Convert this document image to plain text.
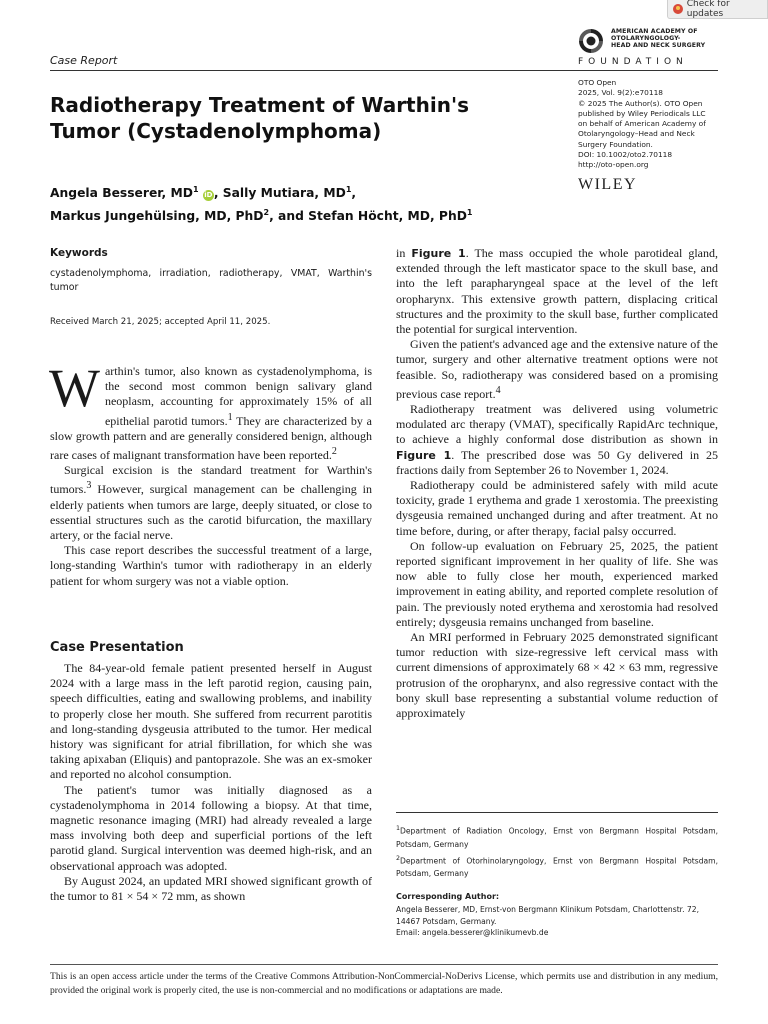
Check for updates
Case Report
AMERICAN ACADEMY OF
OTOLARYNGOLOGY-
HEAD AND NECK SURGERY
FOUNDATION
OTO Open
2025, Vol. 9(2):e70118
© 2025 The Author(s). OTO Open
published by Wiley Periodicals LLC
on behalf of American Academy of
Otolaryngology–Head and Neck
Surgery Foundation.
DOI: 10.1002/oto2.70118
http://oto-open.org
WILEY
Radiotherapy Treatment of Warthin's Tumor (Cystadenolymphoma)
Angela Besserer, $MD^1$ iD, Sally Mutiara, $MD^1$,
Markus Jungehülsing, MD, PhD$^2$, and Stefan Höcht, MD, PhD$^1$
Keywords
cystadenolymphoma, irradiation, radiotherapy, VMAT, Warthin's tumor
Received March 21, 2025; accepted April 11, 2025.

Warthin's tumor, also known as cystadenolymphoma, is the second most common benign salivary gland neoplasm, accounting for approximately 15% of all epithelial parotid tumors.$^1$ They are characterized by a slow growth pattern and are generally considered benign, although rare cases of malignant transformation have been reported.$^2$

Surgical excision is the standard treatment for Warthin's tumors.$^3$ However, surgical management can be challenging in elderly patients when tumors are large, deeply situated, or close to essential structures such as the carotid bifurcation, the maxillary artery, or the facial nerve.

This case report describes the successful treatment of a large, long-standing Warthin's tumor with radiotherapy in an elderly patient for whom surgery was not a viable option.

Case Presentation

The 84-year-old female patient presented herself in August 2024 with a large mass in the left parotid region, causing pain, speech difficulties, eating and swallowing problems, and inability to properly close her mouth. She suffered from recurrent parotitis and long-standing dysgeusia attributed to the tumor. Her medical history was significant for atrial fibrillation, for which she was taking apixaban (Eliquis) and pantoprazole. She was an ex-smoker and reported no alcohol consumption.

The patient's tumor was initially diagnosed as a cystadenolymphoma in 2014 following a biopsy. At that time, magnetic resonance imaging (MRI) had already revealed a large mass involving both deep and superficial portions of the left parotid gland. Surgical intervention was deemed high-risk, and an observational approach was adopted.

By August 2024, an updated MRI showed significant growth of the tumor to 81 × 54 × 72 mm, as shown

in Figure 1. The mass occupied the whole parotideal gland, extended through the left masticator space to the skull base, and into the left parapharyngeal space at the level of the left oropharynx. This extensive growth pattern, displacing critical structures and the proximity to the skull base, further complicated the potential for surgical intervention.

Given the patient's advanced age and the extensive nature of the tumor, surgery and other alternative treatment options were not feasible. So, radiotherapy was considered based on a promising previous case report.$^4$

Radiotherapy treatment was delivered using volumetric modulated arc therapy (VMAT), specifically RapidArc technique, to achieve a highly conformal dose distribution as shown in Figure 1. The prescribed dose was 50 Gy delivered in 25 fractions daily from September 26 to November 1, 2024.

Radiotherapy could be administered safely with mild acute toxicity, grade 1 erythema and grade 1 xerostomia. The preexisting dysgeusia remained unchanged during and after treatment. At no time before, during, or after therapy, facial palsy occurred.

On follow-up evaluation on February 25, 2025, the patient reported significant improvement in her quality of life. She was now able to fully close her mouth, experienced marked improvement in eating ability, and reported complete resolution of pain. The previously noted erythema and xerostomia had resolved entirely; dysgeusia remains unchanged from baseline.

An MRI performed in February 2025 demonstrated significant tumor reduction with size-regressive left cervical mass with current dimensions of approximately 68 × 42 × 63 mm, regressive protrusion of the oropharynx, and also regressive contact with the bony skull base representing a substantial volume reduction of approximately

$^1$Department of Radiation Oncology, Ernst von Bergmann Hospital Potsdam, Potsdam, Germany
$^2$Department of Otorhinolaryngology, Ernst von Bergmann Hospital Potsdam, Potsdam, Germany
Corresponding Author:
Angela Besserer, MD, Ernst-von Bergmann Klinikum Potsdam, Charlottenstr. 72, 14467 Potsdam, Germany.
Email: angela.besserer@klinikumevb.de
This is an open access article under the terms of the Creative Commons Attribution-NonCommercial-NoDerivs License, which permits use and distribution in any medium, provided the original work is properly cited, the use is non-commercial and no modifications or adaptations are made.
